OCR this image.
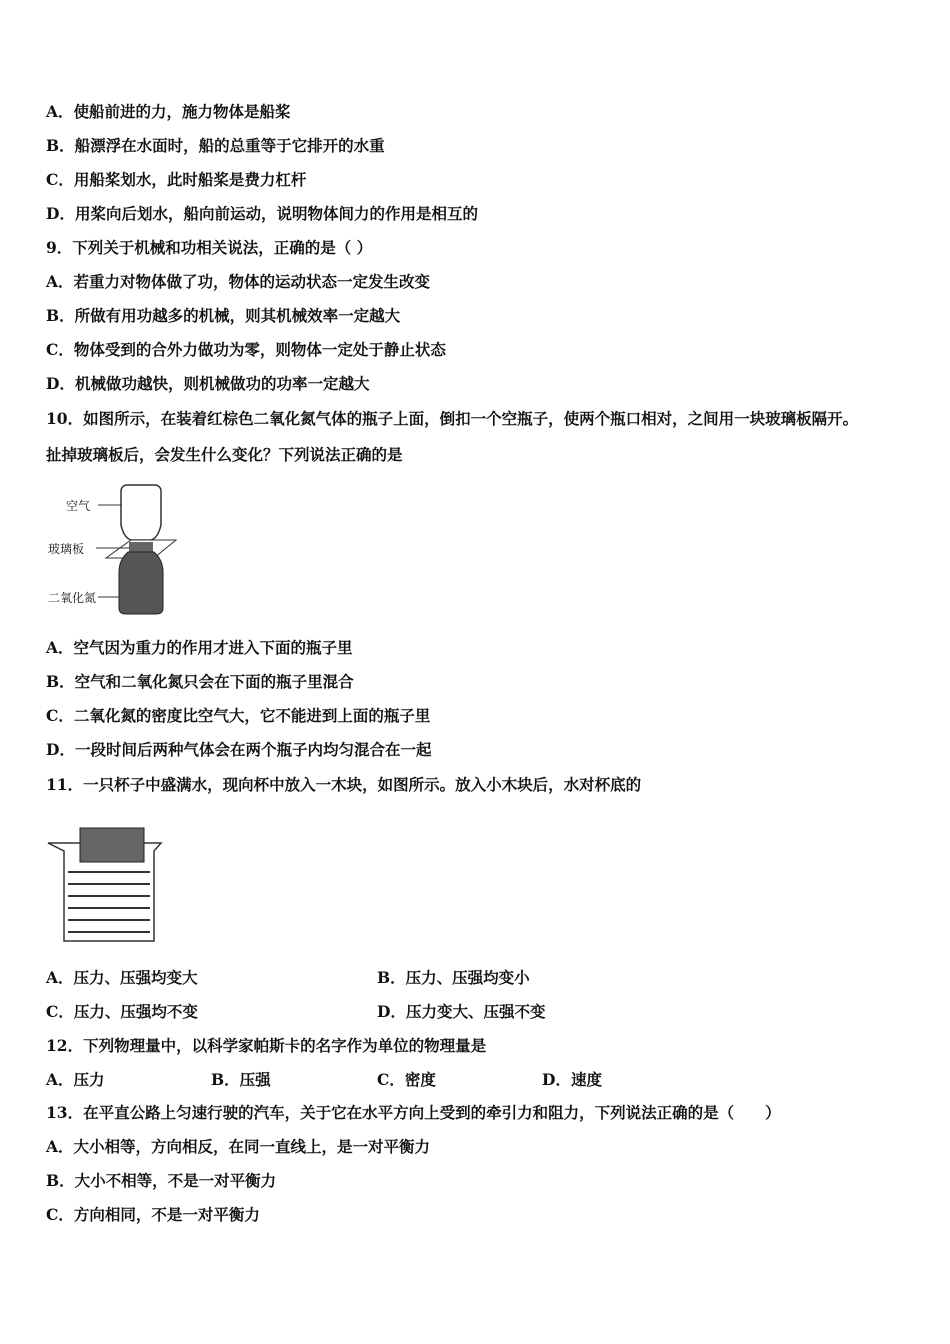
A．使船前进的力，施力物体是船桨
B．船漂浮在水面时，船的总重等于它排开的水重
C．用船桨划水，此时船桨是费力杠杆
D．用桨向后划水，船向前运动，说明物体间力的作用是相互的
9．下列关于机械和功相关说法，正确的是（ ）
A．若重力对物体做了功，物体的运动状态一定发生改变
B．所做有用功越多的机械，则其机械效率一定越大
C．物体受到的合外力做功为零，则物体一定处于静止状态
D．机械做功越快，则机械做功的功率一定越大
10．如图所示，在装着红棕色二氧化氮气体的瓶子上面，倒扣一个空瓶子，使两个瓶口相对，之间用一块玻璃板隔开。
扯掉玻璃板后，会发生什么变化？下列说法正确的是
空气
玻璃板
二氧化氮
A．空气因为重力的作用才进入下面的瓶子里
B．空气和二氧化氮只会在下面的瓶子里混合
C．二氧化氮的密度比空气大，它不能进到上面的瓶子里
D．一段时间后两种气体会在两个瓶子内均匀混合在一起
11．一只杯子中盛满水，现向杯中放入一木块，如图所示。放入小木块后，水对杯底的
A．压力、压强均变大	B．压力、压强均变小
C．压力、压强均不变	D．压力变大、压强不变
12．下列物理量中，以科学家帕斯卡的名字作为单位的物理量是
A．压力	B．压强	C．密度	D．速度
13．在平直公路上匀速行驶的汽车，关于它在水平方向上受到的牵引力和阻力，下列说法正确的是（　　）
A．大小相等，方向相反，在同一直线上，是一对平衡力
B．大小不相等，不是一对平衡力
C．方向相同，不是一对平衡力
